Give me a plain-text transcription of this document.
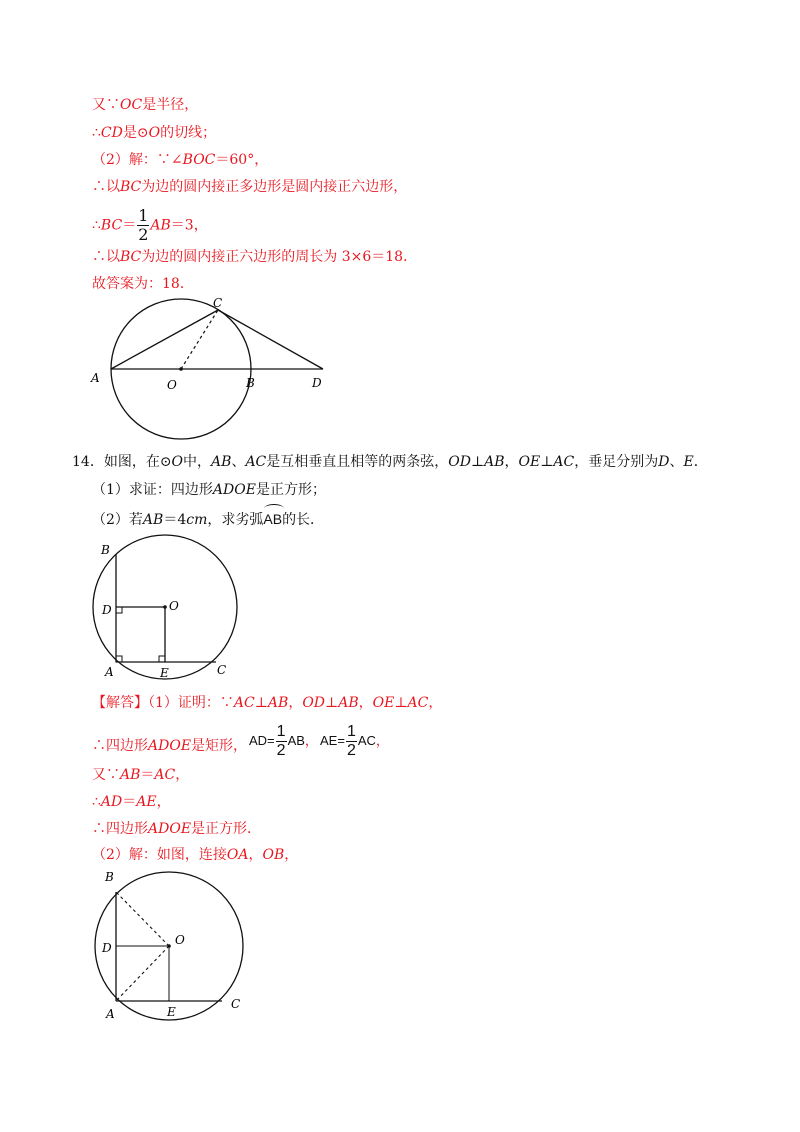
又∵OC是半径，
∴CD是⊙O的切线；
（2）解：∵∠BOC＝60°，
∴以BC为边的圆内接正多边形是圆内接正六边形，
∴BC＝ $\frac{1}{2} AB=3$，
∴以BC为边的圆内接正六边形的周长为 3×6＝18．
故答案为：18．
A	O	B
C
D
14．如图，在⊙O中，AB、AC是互相垂直且相等的两条弦，OD⊥AB，OE⊥AC，垂足分别为D、E．
（1）求证：四边形ADOE是正方形；
（2）若AB＝4cm，求劣弧
AB的长．
B
D	O
A	E	C
【解答】（1）证明：∵AC⊥AB，OD⊥AB，OE⊥AC，
∴四边形ADOE是矩形， $AD= \frac{1}{2}$ AB， $AE= \frac{1}{2}$ AC，
又∵AB＝AC，
∴AD＝AE，
∴四边形ADOE是正方形．
（2）解：如图，连接OA，OB，
B
D
O
A	E
C
